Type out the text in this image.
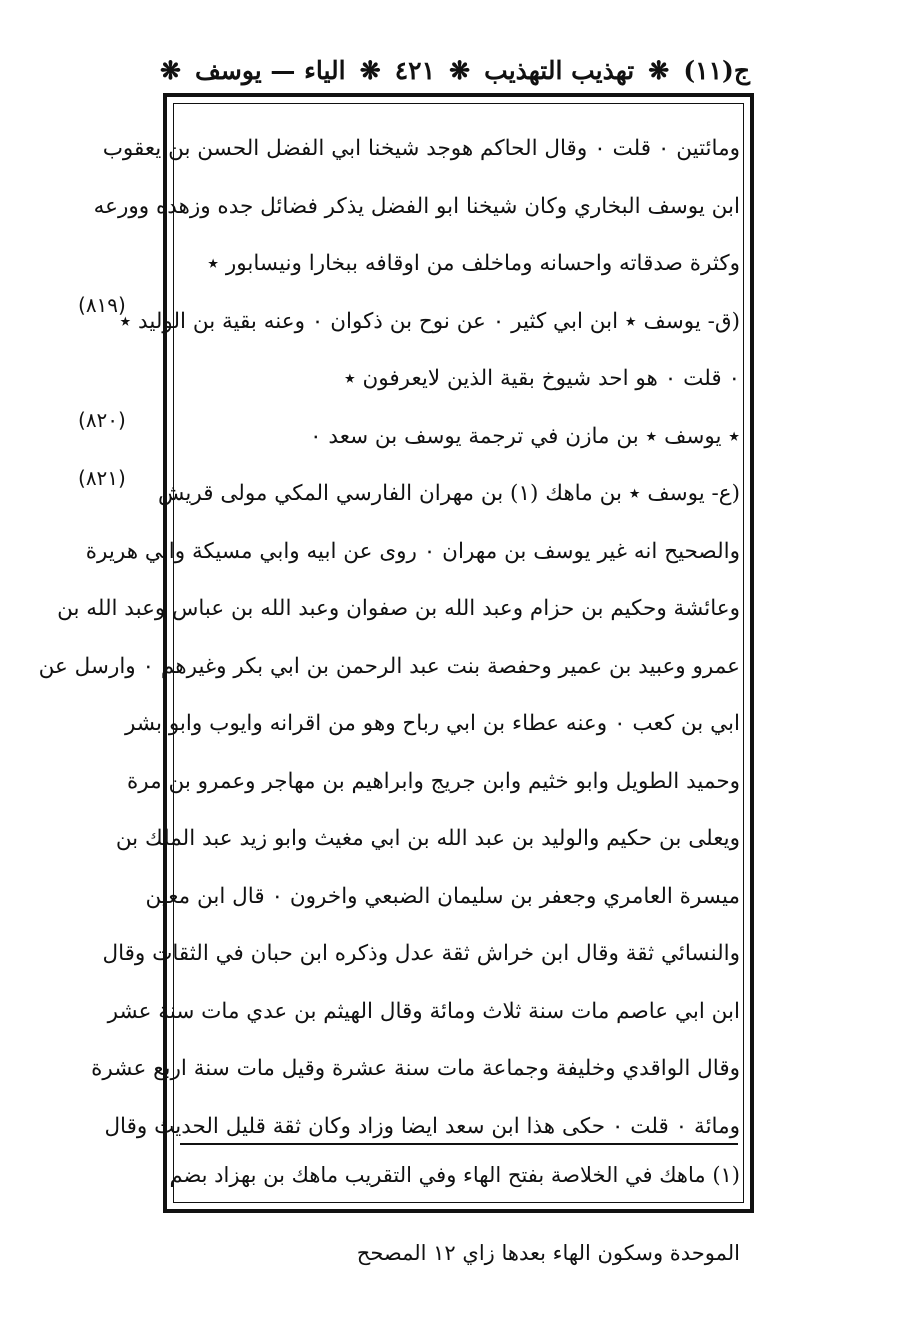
ج(١١)
❋
تهذيب التهذيب
❋
٤٢١
❋
الياء — يوسف
❋
ومائتين ٠ قلت ٠ وقال الحاكم هوجد شيخنا ابي الفضل الحسن بن يعقوب
ابن يوسف البخاري وكان شيخنا ابو الفضل يذكر فضائل جده وزهده وورعه
وكثرة صدقاته واحسانه وماخلف من اوقافه ببخارا ونيسابور ٭
(ق- يوسف ٭ ابن ابي كثير ٠ عن نوح بن ذكوان ٠ وعنه بقية بن الوليد ٭
٠ قلت ٠ هو احد شيوخ بقية الذين لايعرفون ٭
٭ يوسف ٭ بن مازن في ترجمة يوسف بن سعد ٠
(ع- يوسف ٭ بن ماهك (١) بن مهران الفارسي المكي مولى قريش
والصحيح انه غير يوسف بن مهران ٠ روى عن ابيه وابي مسيكة وابي هريرة
وعائشة وحكيم بن حزام وعبد الله بن صفوان وعبد الله بن عباس وعبد الله بن
عمرو وعبيد بن عمير وحفصة بنت عبد الرحمن بن ابي بكر وغيرهم ٠ وارسل عن
ابي بن كعب ٠ وعنه عطاء بن ابي رباح وهو من اقرانه وايوب وابو بشر
وحميد الطويل وابو خثيم وابن جريج وابراهيم بن مهاجر وعمرو بن مرة
ويعلى بن حكيم والوليد بن عبد الله بن ابي مغيث وابو زيد عبد الملك بن
ميسرة العامري وجعفر بن سليمان الضبعي واخرون ٠ قال ابن معين
والنسائي ثقة وقال ابن خراش ثقة عدل وذكره ابن حبان في الثقات وقال
ابن ابي عاصم مات سنة ثلاث ومائة وقال الهيثم بن عدي مات سنة عشر
وقال الواقدي وخليفة وجماعة مات سنة عشرة وقيل مات سنة اربع عشرة
ومائة ٠ قلت ٠ حكى هذا ابن سعد ايضا وزاد وكان ثقة قليل الحديث وقال
(٨١٩)
(٨٢٠)
(٨٢١)
(١) ماهك في الخلاصة بفتح الهاء وفي التقريب ماهك بن بهزاد بضم
الموحدة وسكون الهاء بعدها زاي ١٢ المصحح
